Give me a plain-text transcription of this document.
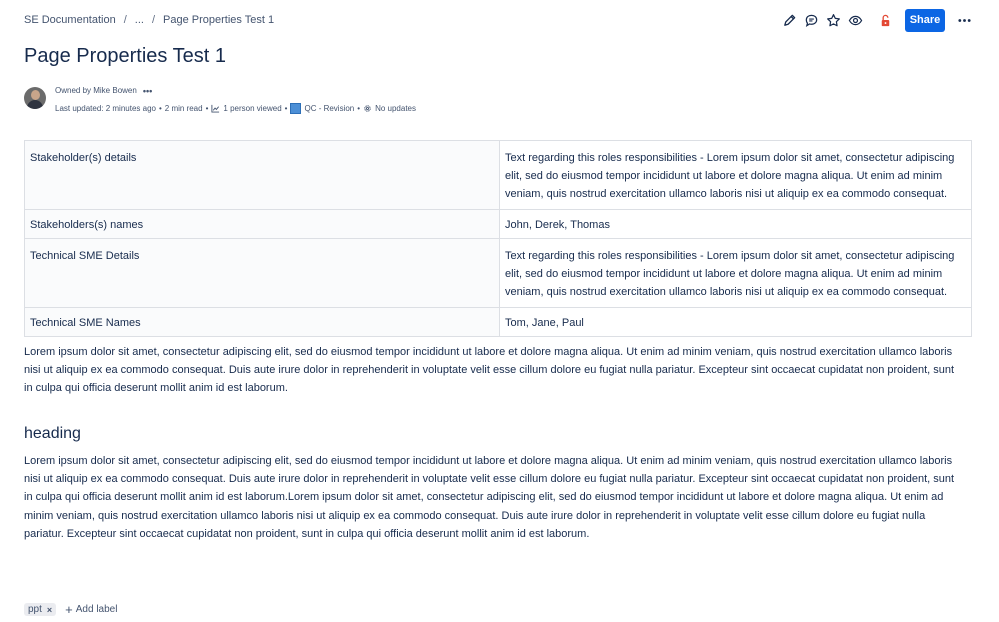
SE Documentation / ... / Page Properties Test 1	Share
Page Properties Test 1
Owned by Mike Bowen •••
Last updated: 2 minutes ago • 2 min read • 1 person viewed • QC - Revision • No updates
Stakeholder(s) details	Text regarding this roles responsibilities - Lorem ipsum dolor sit amet, consectetur adipiscing elit, sed do eiusmod tempor incididunt ut labore et dolore magna aliqua. Ut enim ad minim veniam, quis nostrud exercitation ullamco laboris nisi ut aliquip ex ea commodo consequat.
Stakeholders(s) names	John, Derek, Thomas
Technical SME Details	Text regarding this roles responsibilities - Lorem ipsum dolor sit amet, consectetur adipiscing elit, sed do eiusmod tempor incididunt ut labore et dolore magna aliqua. Ut enim ad minim veniam, quis nostrud exercitation ullamco laboris nisi ut aliquip ex ea commodo consequat.
Technical SME Names	Tom, Jane, Paul

Lorem ipsum dolor sit amet, consectetur adipiscing elit, sed do eiusmod tempor incididunt ut labore et dolore magna aliqua. Ut enim ad minim veniam, quis nostrud exercitation ullamco laboris nisi ut aliquip ex ea commodo consequat. Duis aute irure dolor in reprehenderit in voluptate velit esse cillum dolore eu fugiat nulla pariatur. Excepteur sint occaecat cupidatat non proident, sunt in culpa qui officia deserunt mollit anim id est laborum.

heading

Lorem ipsum dolor sit amet, consectetur adipiscing elit, sed do eiusmod tempor incididunt ut labore et dolore magna aliqua. Ut enim ad minim veniam, quis nostrud exercitation ullamco laboris nisi ut aliquip ex ea commodo consequat. Duis aute irure dolor in reprehenderit in voluptate velit esse cillum dolore eu fugiat nulla pariatur. Excepteur sint occaecat cupidatat non proident, sunt in culpa qui officia deserunt mollit anim id est laborum.Lorem ipsum dolor sit amet, consectetur adipiscing elit, sed do eiusmod tempor incididunt ut labore et dolore magna aliqua. Ut enim ad minim veniam, quis nostrud exercitation ullamco laboris nisi ut aliquip ex ea commodo consequat. Duis aute irure dolor in reprehenderit in voluptate velit esse cillum dolore eu fugiat nulla pariatur. Excepteur sint occaecat cupidatat non proident, sunt in culpa qui officia deserunt mollit anim id est laborum.

ppt × + Add label
